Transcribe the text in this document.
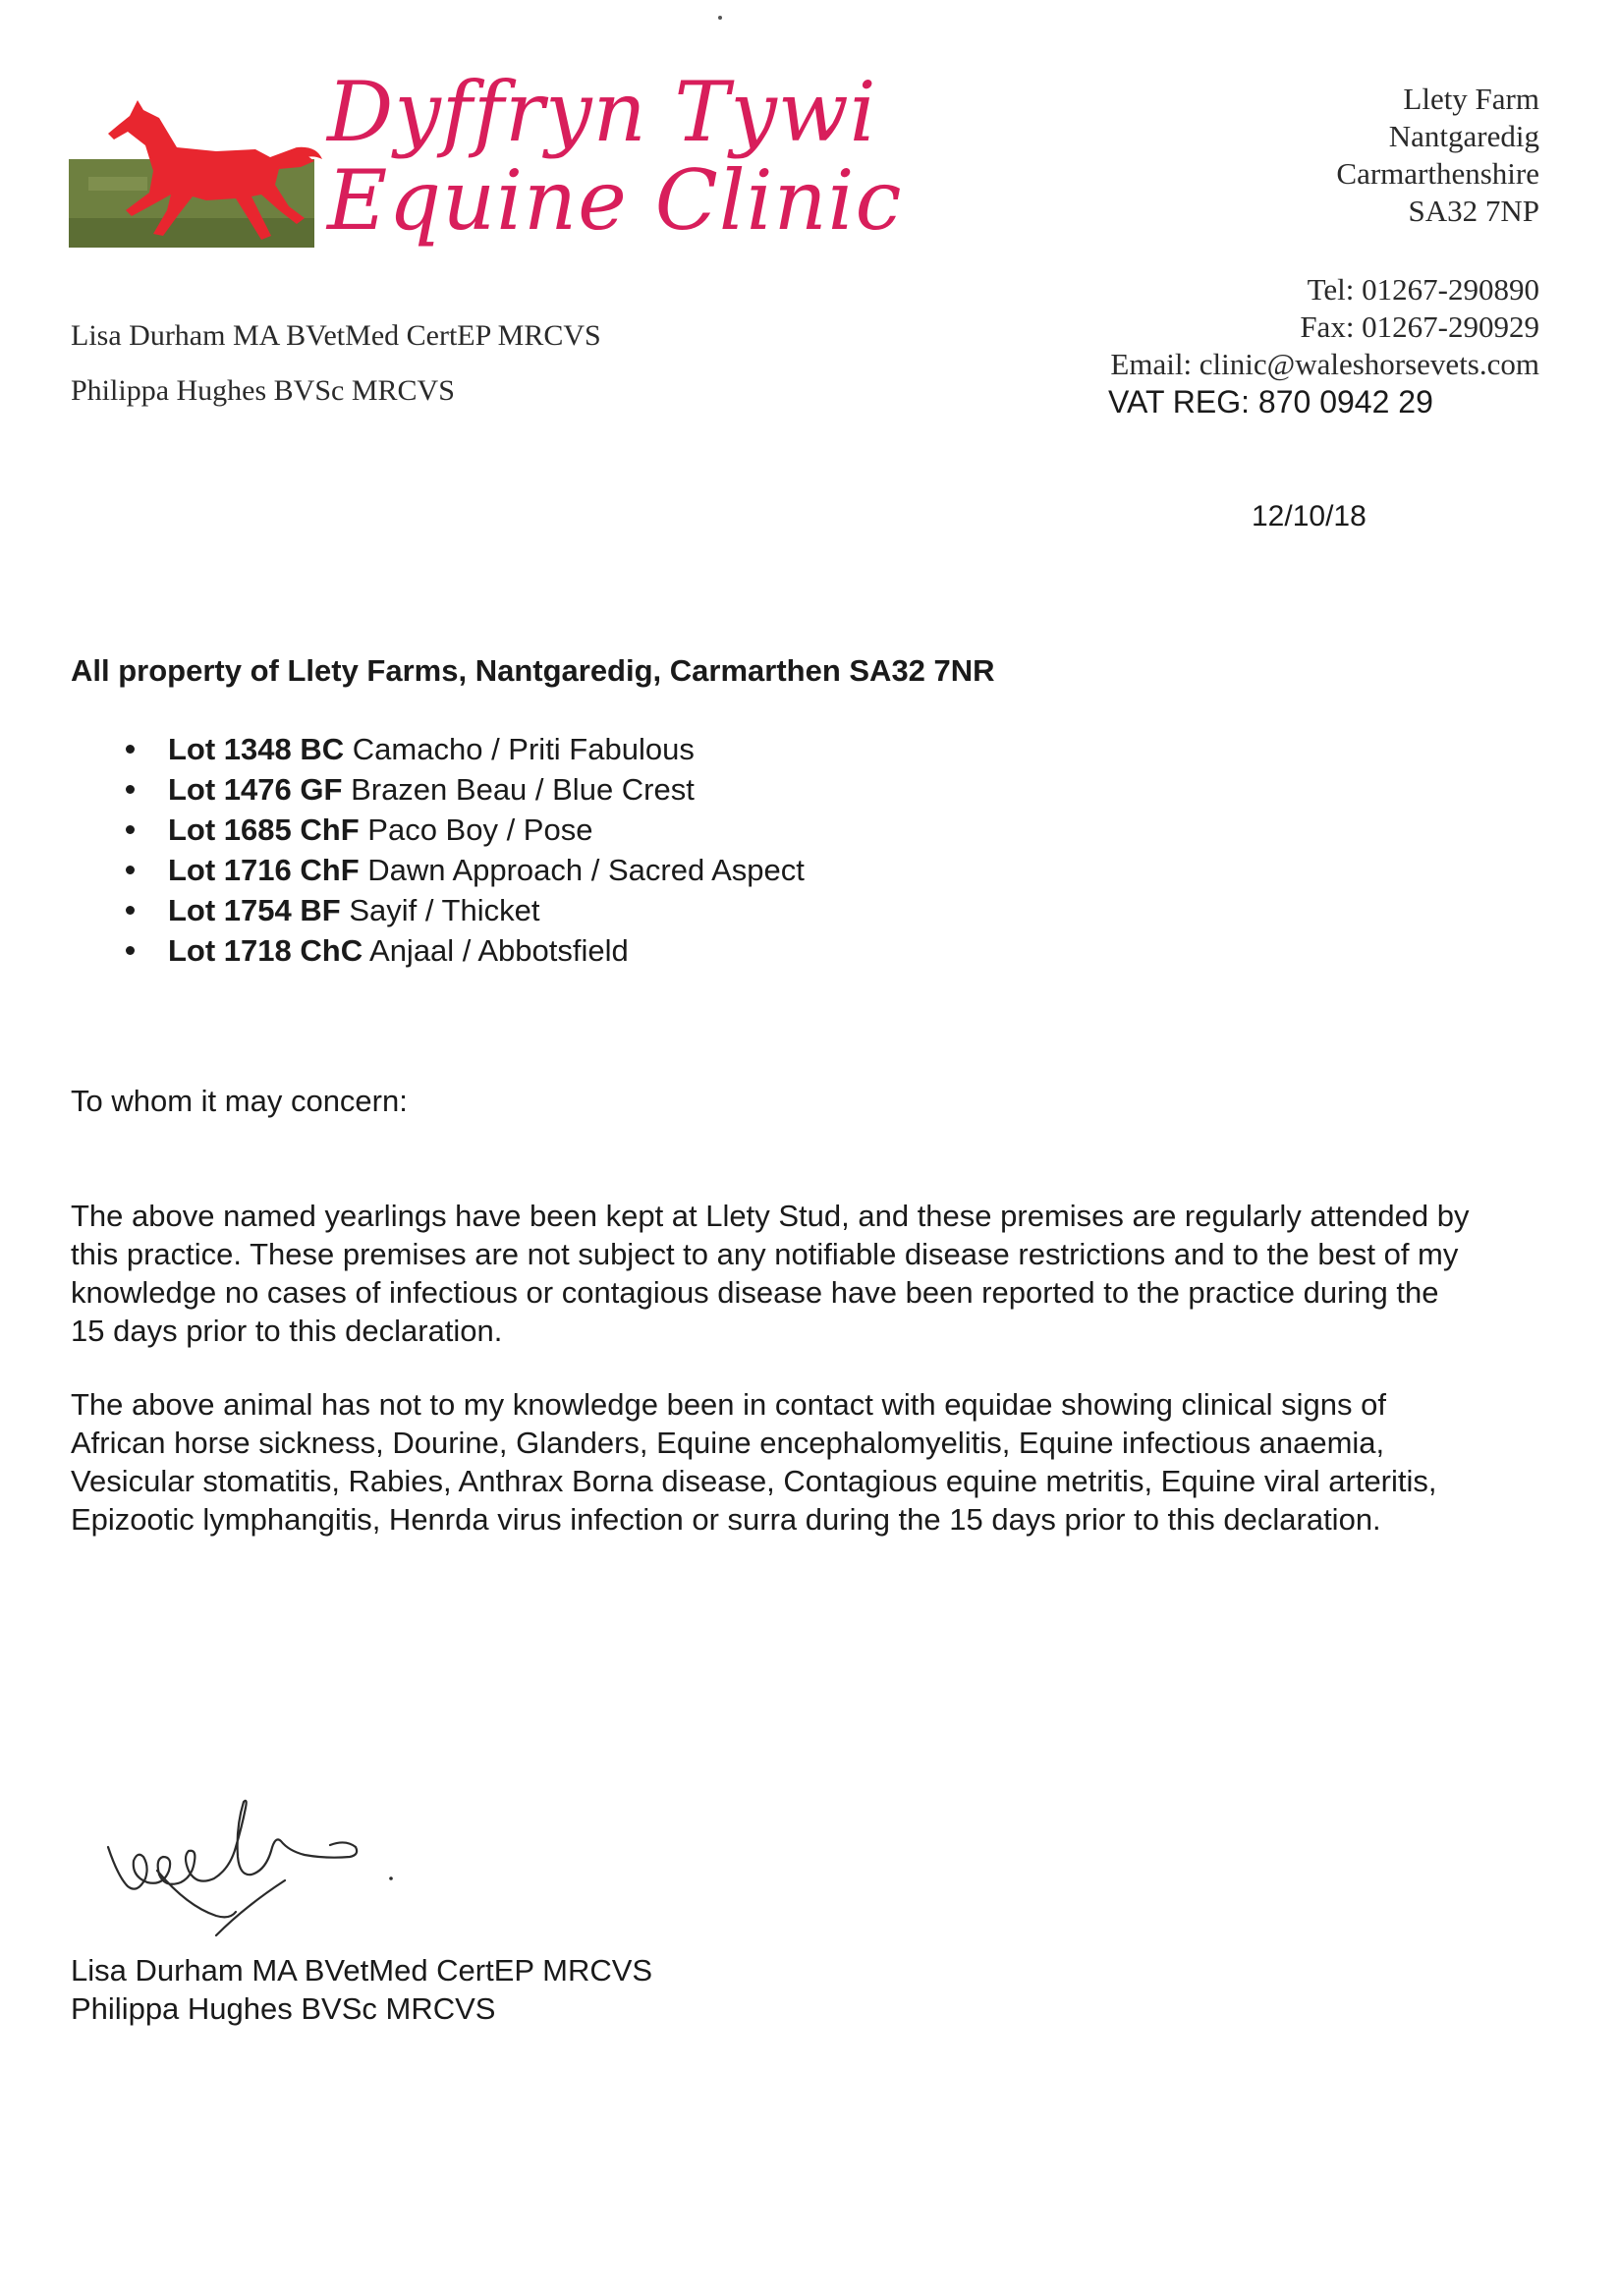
Dyffryn Tywi
Equine Clinic
Llety Farm
Nantgaredig
Carmarthenshire
SA32 7NP
Tel: 01267-290890
Fax: 01267-290929
Email: clinic@waleshorsevets.com
VAT REG: 870 0942 29
Lisa Durham MA BVetMed CertEP MRCVS
Philippa Hughes BVSc MRCVS
12/10/18
All property of Llety Farms, Nantgaredig, Carmarthen SA32 7NR
Lot 1348 BC Camacho / Priti Fabulous
Lot 1476 GF Brazen Beau / Blue Crest
Lot 1685 ChF Paco Boy / Pose
Lot 1716 ChF Dawn Approach / Sacred Aspect
Lot 1754 BF Sayif / Thicket
Lot 1718 ChC Anjaal / Abbotsfield
To whom it may concern:

The above named yearlings have been kept at Llety Stud, and these premises are regularly attended by this practice. These premises are not subject to any notifiable disease restrictions and to the best of my knowledge no cases of infectious or contagious disease have been reported to the practice during the 15 days prior to this declaration.

The above animal has not to my knowledge been in contact with equidae showing clinical signs of African horse sickness, Dourine, Glanders, Equine encephalomyelitis, Equine infectious anaemia, Vesicular stomatitis, Rabies, Anthrax Borna disease, Contagious equine metritis, Equine viral arteritis, Epizootic lymphangitis, Henrda virus infection or surra during the 15 days prior to this declaration.

Lisa Durham MA BVetMed CertEP MRCVS
Philippa Hughes BVSc MRCVS
